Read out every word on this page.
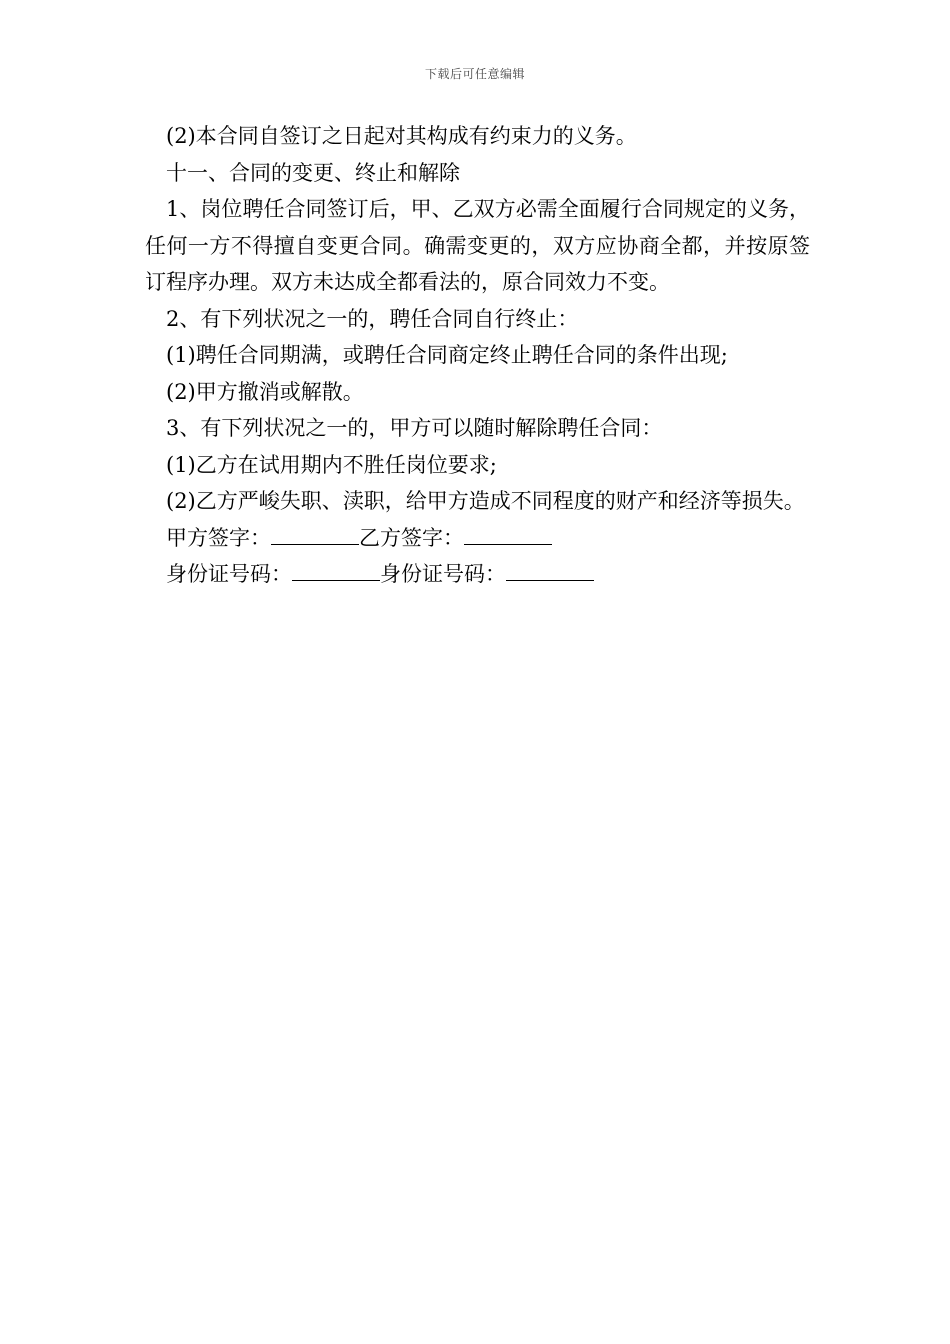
下载后可任意编辑

(2)本合同自签订之日起对其构成有约束力的义务。

十一、合同的变更、终止和解除

1、岗位聘任合同签订后，甲、乙双方必需全面履行合同规定的义务，任何一方不得擅自变更合同。确需变更的，双方应协商全都，并按原签订程序办理。双方未达成全都看法的，原合同效力不变。

2、有下列状况之一的，聘任合同自行终止：

(1)聘任合同期满，或聘任合同商定终止聘任合同的条件出现;

(2)甲方撤消或解散。

3、有下列状况之一的，甲方可以随时解除聘任合同：

(1)乙方在试用期内不胜任岗位要求;

(2)乙方严峻失职、渎职，给甲方造成不同程度的财产和经济等损失。

甲方签字：	乙方签字：

身份证号码：	身份证号码：
